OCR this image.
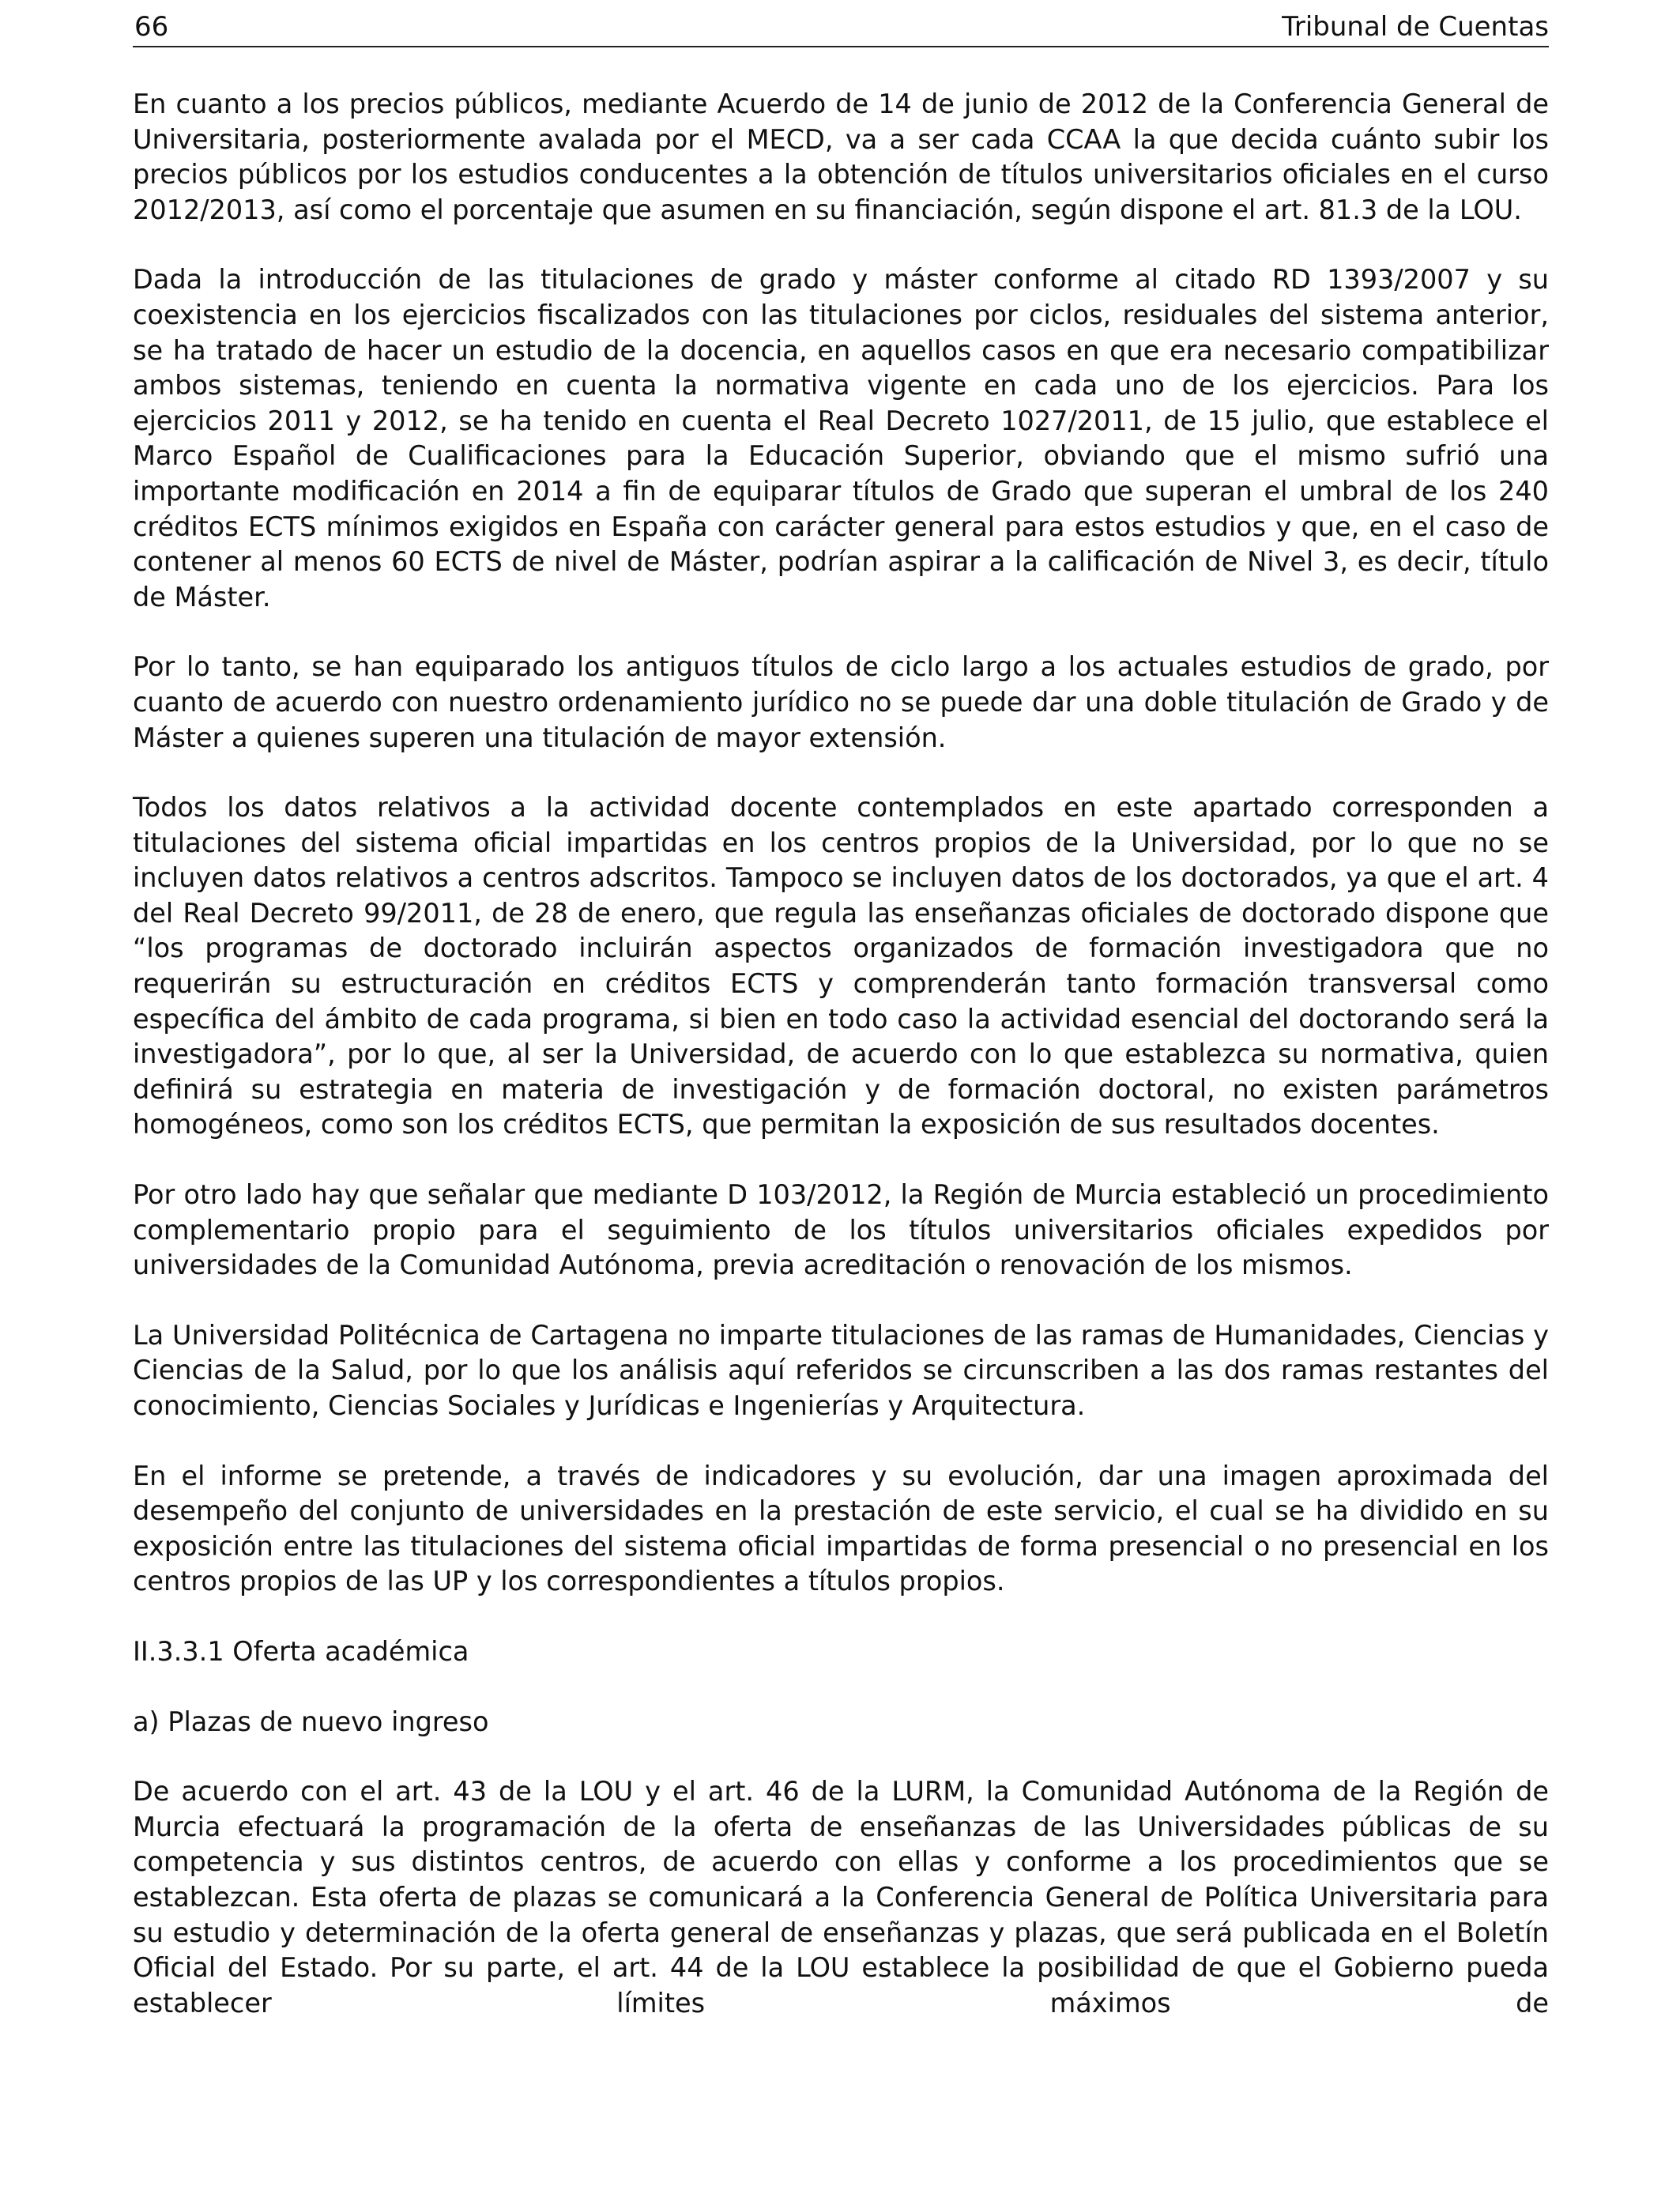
66	Tribunal de Cuentas

En cuanto a los precios públicos, mediante Acuerdo de 14 de junio de 2012 de la Conferencia General de Universitaria, posteriormente avalada por el MECD, va a ser cada CCAA la que decida cuánto subir los precios públicos por los estudios conducentes a la obtención de títulos universitarios oficiales en el curso 2012/2013, así como el porcentaje que asumen en su financiación, según dispone el art. 81.3 de la LOU.

Dada la introducción de las titulaciones de grado y máster conforme al citado RD 1393/2007 y su coexistencia en los ejercicios fiscalizados con las titulaciones por ciclos, residuales del sistema anterior, se ha tratado de hacer un estudio de la docencia, en aquellos casos en que era necesario compatibilizar ambos sistemas, teniendo en cuenta la normativa vigente en cada uno de los ejercicios. Para los ejercicios 2011 y 2012, se ha tenido en cuenta el Real Decreto 1027/2011, de 15 julio, que establece el Marco Español de Cualificaciones para la Educación Superior, obviando que el mismo sufrió una importante modificación en 2014 a fin de equiparar títulos de Grado que superan el umbral de los 240 créditos ECTS mínimos exigidos en España con carácter general para estos estudios y que, en el caso de contener al menos 60 ECTS de nivel de Máster, podrían aspirar a la calificación de Nivel 3, es decir, título de Máster.

Por lo tanto, se han equiparado los antiguos títulos de ciclo largo a los actuales estudios de grado, por cuanto de acuerdo con nuestro ordenamiento jurídico no se puede dar una doble titulación de Grado y de Máster a quienes superen una titulación de mayor extensión.

Todos los datos relativos a la actividad docente contemplados en este apartado corresponden a titulaciones del sistema oficial impartidas en los centros propios de la Universidad, por lo que no se incluyen datos relativos a centros adscritos. Tampoco se incluyen datos de los doctorados, ya que el art. 4 del Real Decreto 99/2011, de 28 de enero, que regula las enseñanzas oficiales de doctorado dispone que “los programas de doctorado incluirán aspectos organizados de formación investigadora que no requerirán su estructuración en créditos ECTS y comprenderán tanto formación transversal como específica del ámbito de cada programa, si bien en todo caso la actividad esencial del doctorando será la investigadora”, por lo que, al ser la Universidad, de acuerdo con lo que establezca su normativa, quien definirá su estrategia en materia de investigación y de formación doctoral, no existen parámetros homogéneos, como son los créditos ECTS, que permitan la exposición de sus resultados docentes.

Por otro lado hay que señalar que mediante D 103/2012, la Región de Murcia estableció un procedimiento complementario propio para el seguimiento de los títulos universitarios oficiales expedidos por universidades de la Comunidad Autónoma, previa acreditación o renovación de los mismos.

La Universidad Politécnica de Cartagena no imparte titulaciones de las ramas de Humanidades, Ciencias y Ciencias de la Salud, por lo que los análisis aquí referidos se circunscriben a las dos ramas restantes del conocimiento, Ciencias Sociales y Jurídicas e Ingenierías y Arquitectura.

En el informe se pretende, a través de indicadores y su evolución, dar una imagen aproximada del desempeño del conjunto de universidades en la prestación de este servicio, el cual se ha dividido en su exposición entre las titulaciones del sistema oficial impartidas de forma presencial o no presencial en los centros propios de las UP y los correspondientes a títulos propios.

II.3.3.1 Oferta académica
a) Plazas de nuevo ingreso

De acuerdo con el art. 43 de la LOU y el art. 46 de la LURM, la Comunidad Autónoma de la Región de Murcia efectuará la programación de la oferta de enseñanzas de las Universidades públicas de su competencia y sus distintos centros, de acuerdo con ellas y conforme a los procedimientos que se establezcan. Esta oferta de plazas se comunicará a la Conferencia General de Política Universitaria para su estudio y determinación de la oferta general de enseñanzas y plazas, que será publicada en el Boletín Oficial del Estado. Por su parte, el art. 44 de la LOU establece la posibilidad de que el Gobierno pueda establecer límites máximos de
